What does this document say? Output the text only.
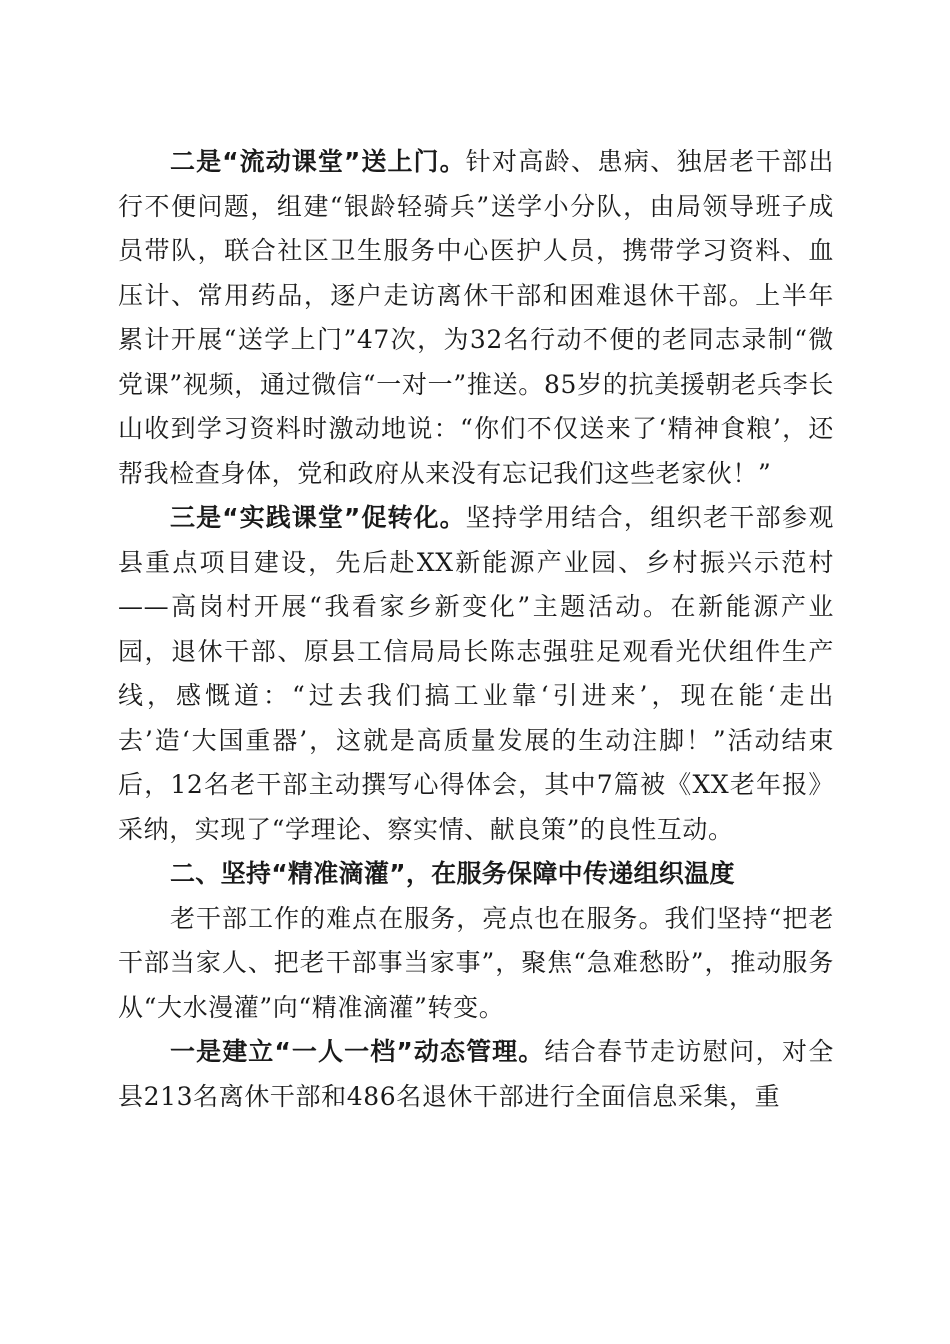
二是“流动课堂”送上门。针对高龄、患病、独居老干部出行不便问题，组建“银龄轻骑兵”送学小分队，由局领导班子成员带队，联合社区卫生服务中心医护人员，携带学习资料、血压计、常用药品，逐户走访离休干部和困难退休干部。上半年累计开展“送学上门”47次，为32名行动不便的老同志录制“微党课”视频，通过微信“一对一”推送。85岁的抗美援朝老兵李长山收到学习资料时激动地说：“你们不仅送来了‘精神食粮’，还帮我检查身体，党和政府从来没有忘记我们这些老家伙！”

三是“实践课堂”促转化。坚持学用结合，组织老干部参观县重点项目建设，先后赴XX新能源产业园、乡村振兴示范村——高岗村开展“我看家乡新变化”主题活动。在新能源产业园，退休干部、原县工信局局长陈志强驻足观看光伏组件生产线，感慨道：“过去我们搞工业靠‘引进来’，现在能‘走出去’造‘大国重器’，这就是高质量发展的生动注脚！”活动结束后，12名老干部主动撰写心得体会，其中7篇被《XX老年报》采纳，实现了“学理论、察实情、献良策”的良性互动。

二、坚持“精准滴灌”，在服务保障中传递组织温度

老干部工作的难点在服务，亮点也在服务。我们坚持“把老干部当家人、把老干部事当家事”，聚焦“急难愁盼”，推动服务从“大水漫灌”向“精准滴灌”转变。

一是建立“一人一档”动态管理。结合春节走访慰问，对全县213名离休干部和486名退休干部进行全面信息采集，重
